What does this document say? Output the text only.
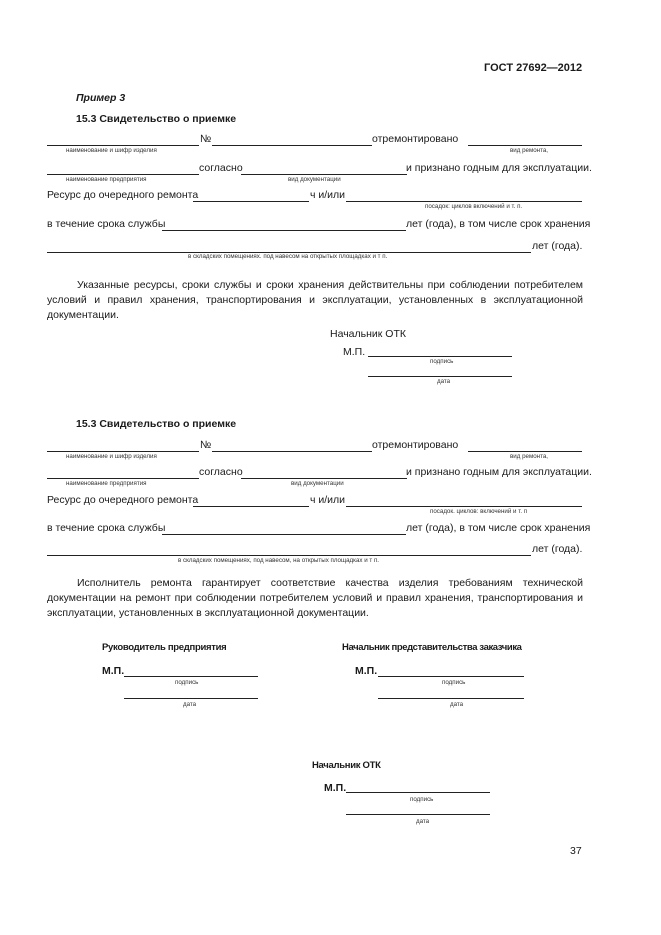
ГОСТ 27692—2012
Пример 3
15.3 Свидетельство о приемке
№	отремонтировано
наименование и шифр изделия	вид ремонта,
согласно	и признано годным для эксплуатации.
наименование предприятия	вид документации
Ресурс до очередного ремонта	ч и/или
посадок: циклов включений и т. п.
в течение срока службы	лет (года), в том числе срок хранения
лет (года).
в складских помещениях. под навесом на открытых площадках и т п.
Указанные ресурсы, сроки службы и сроки хранения действительны при соблюдении потребителем условий и правил хранения, транспортирования и эксплуатации, установленных в эксплуатационной документации.
Начальник ОТК
М.П.
подпись
дата
15.3 Свидетельство о приемке
№	отремонтировано
наименование и шифр изделия	вид ремонта,
согласно	и признано годным для эксплуатации.
наименование предприятия	вид документации
Ресурс до очередного ремонта	ч и/или
посадок. циклов: включений и т. п
в течение срока службы	лет (года), в том числе срок хранения
лет (года).
в складских помещениях, под навесом, на открытых площадках и т п.
Исполнитель ремонта гарантирует соответствие качества изделия требованиям технической документации на ремонт при соблюдении потребителем условий и правил хранения, транспортирования и эксплуатации, установленных в эксплуатационной документации.
Руководитель предприятия	Начальник представительства заказчика
М.П.
подпись
дата
М.П.
подпись
дата
Начальник ОТК
М.П.
подпись
дата
37
